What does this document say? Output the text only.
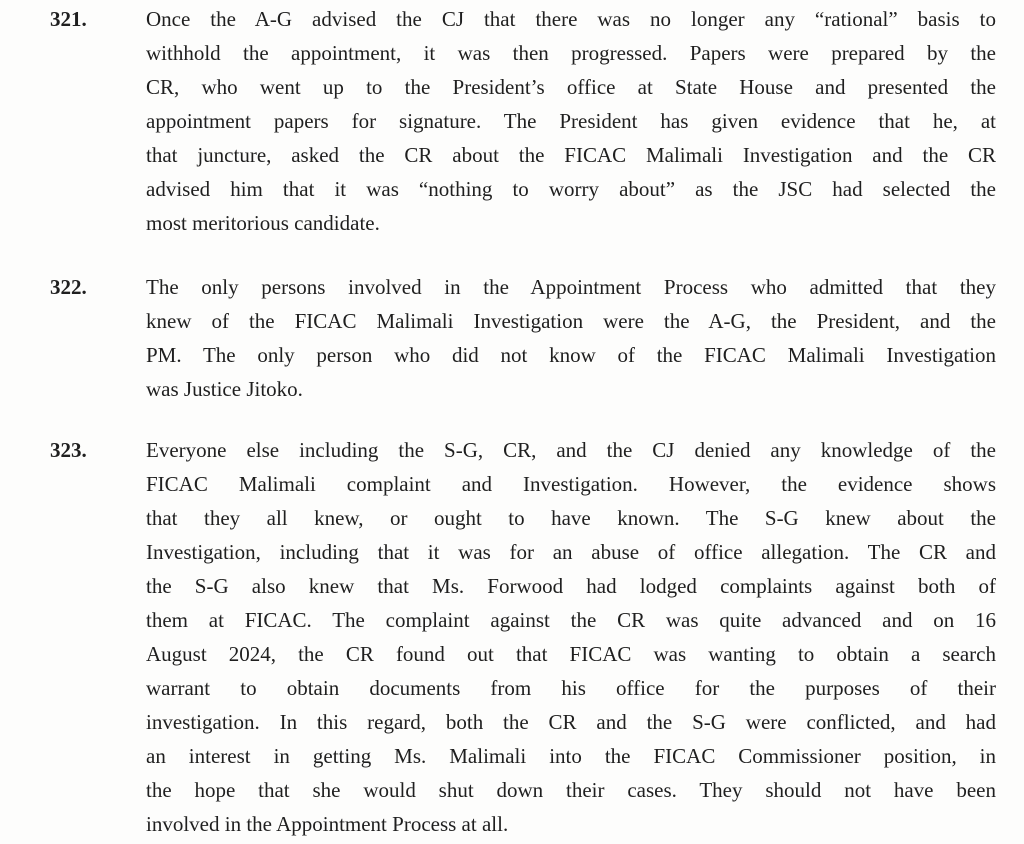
321.	Once the A-G advised the CJ that there was no longer any “rational” basis to
withhold the appointment, it was then progressed. Papers were prepared by the
CR, who went up to the President’s office at State House and presented the
appointment papers for signature. The President has given evidence that he, at
that juncture, asked the CR about the FICAC Malimali Investigation and the CR
advised him that it was “nothing to worry about” as the JSC had selected the
most meritorious candidate.
322.	The only persons involved in the Appointment Process who admitted that they
knew of the FICAC Malimali Investigation were the A-G, the President, and the
PM. The only person who did not know of the FICAC Malimali Investigation
was Justice Jitoko.
323.	Everyone else including the S-G, CR, and the CJ denied any knowledge of the
FICAC Malimali complaint and Investigation. However, the evidence shows
that they all knew, or ought to have known. The S-G knew about the
Investigation, including that it was for an abuse of office allegation. The CR and
the S-G also knew that Ms. Forwood had lodged complaints against both of
them at FICAC. The complaint against the CR was quite advanced and on 16
August 2024, the CR found out that FICAC was wanting to obtain a search
warrant to obtain documents from his office for the purposes of their
investigation. In this regard, both the CR and the S-G were conflicted, and had
an interest in getting Ms. Malimali into the FICAC Commissioner position, in
the hope that she would shut down their cases. They should not have been
involved in the Appointment Process at all.
